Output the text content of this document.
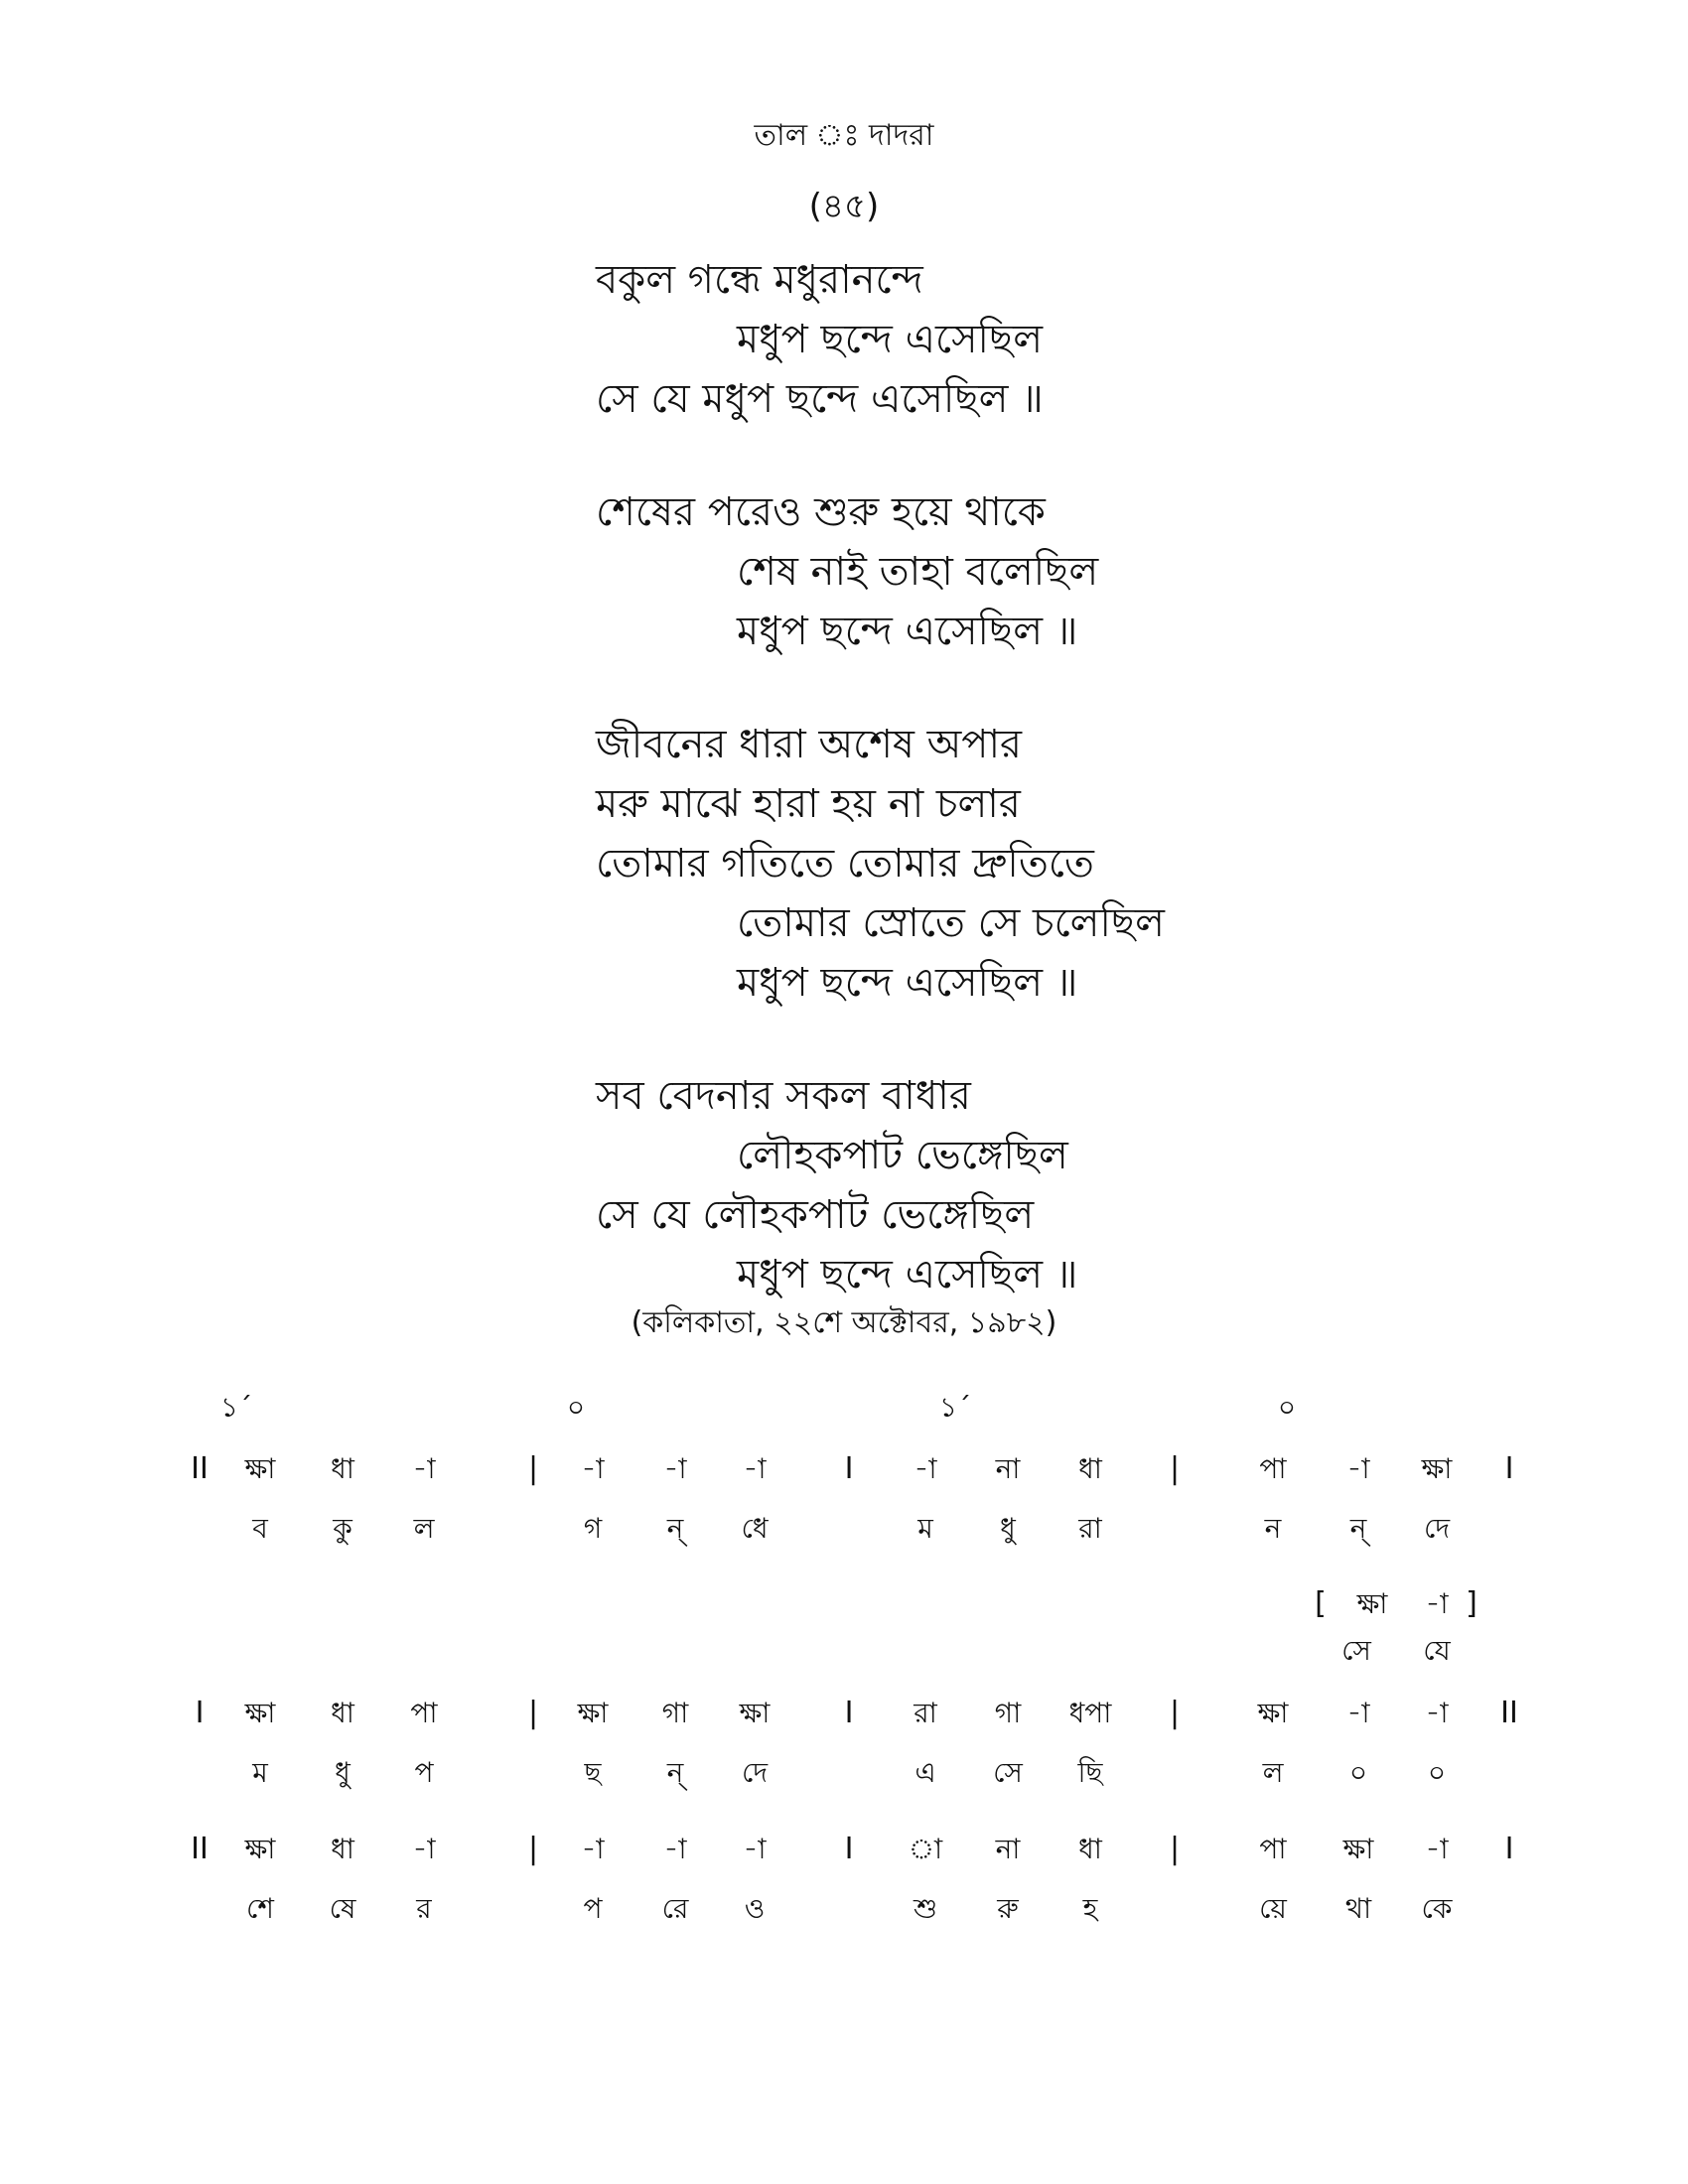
তাল ঃ দাদরা
(৪৫)
বকুল গন্ধে মধুরানন্দে
মধুপ ছন্দে এসেছিল
সে যে মধুপ ছন্দে এসেছিল ॥
শেষের পরেও শুরু হয়ে থাকে
শেষ নাই তাহা বলেছিল
মধুপ ছন্দে এসেছিল ॥
জীবনের ধারা অশেষ অপার
মরু মাঝে হারা হয় না চলার
তোমার গতিতে তোমার দ্রুতিতে
তোমার স্রোতে সে চলেছিল
মধুপ ছন্দে এসেছিল ॥
সব বেদনার সকল বাধার
লৌহকপাট ভেঙ্গেছিল
সে যে লৌহকপাট ভেঙ্গেছিল
মধুপ ছন্দে এসেছিল ॥
(কলিকাতা, ২২শে অক্টোবর, ১৯৮২)
১´	০	১´	০
II ক্ষা ধা -া	| -া -া -া	I -া না ধা |	পা -া ক্ষা I
ব কু ল	গ ন্ ধে	ম ধু রা	ন ন্ দে
[ ক্ষা -া ]
সে যে
I ক্ষা ধা পা	| ক্ষা গা ক্ষা	I রা গা ধপা |	ক্ষা -া -া II
ম ধু প	ছ ন্ দে	এ সে ছি	ল ০ ০
II ক্ষা ধা -া	| -া -া -া	I া না ধা |	পা ক্ষা -া I
শে ষে র	প রে ও	শু রু হ	য়ে থা কে
